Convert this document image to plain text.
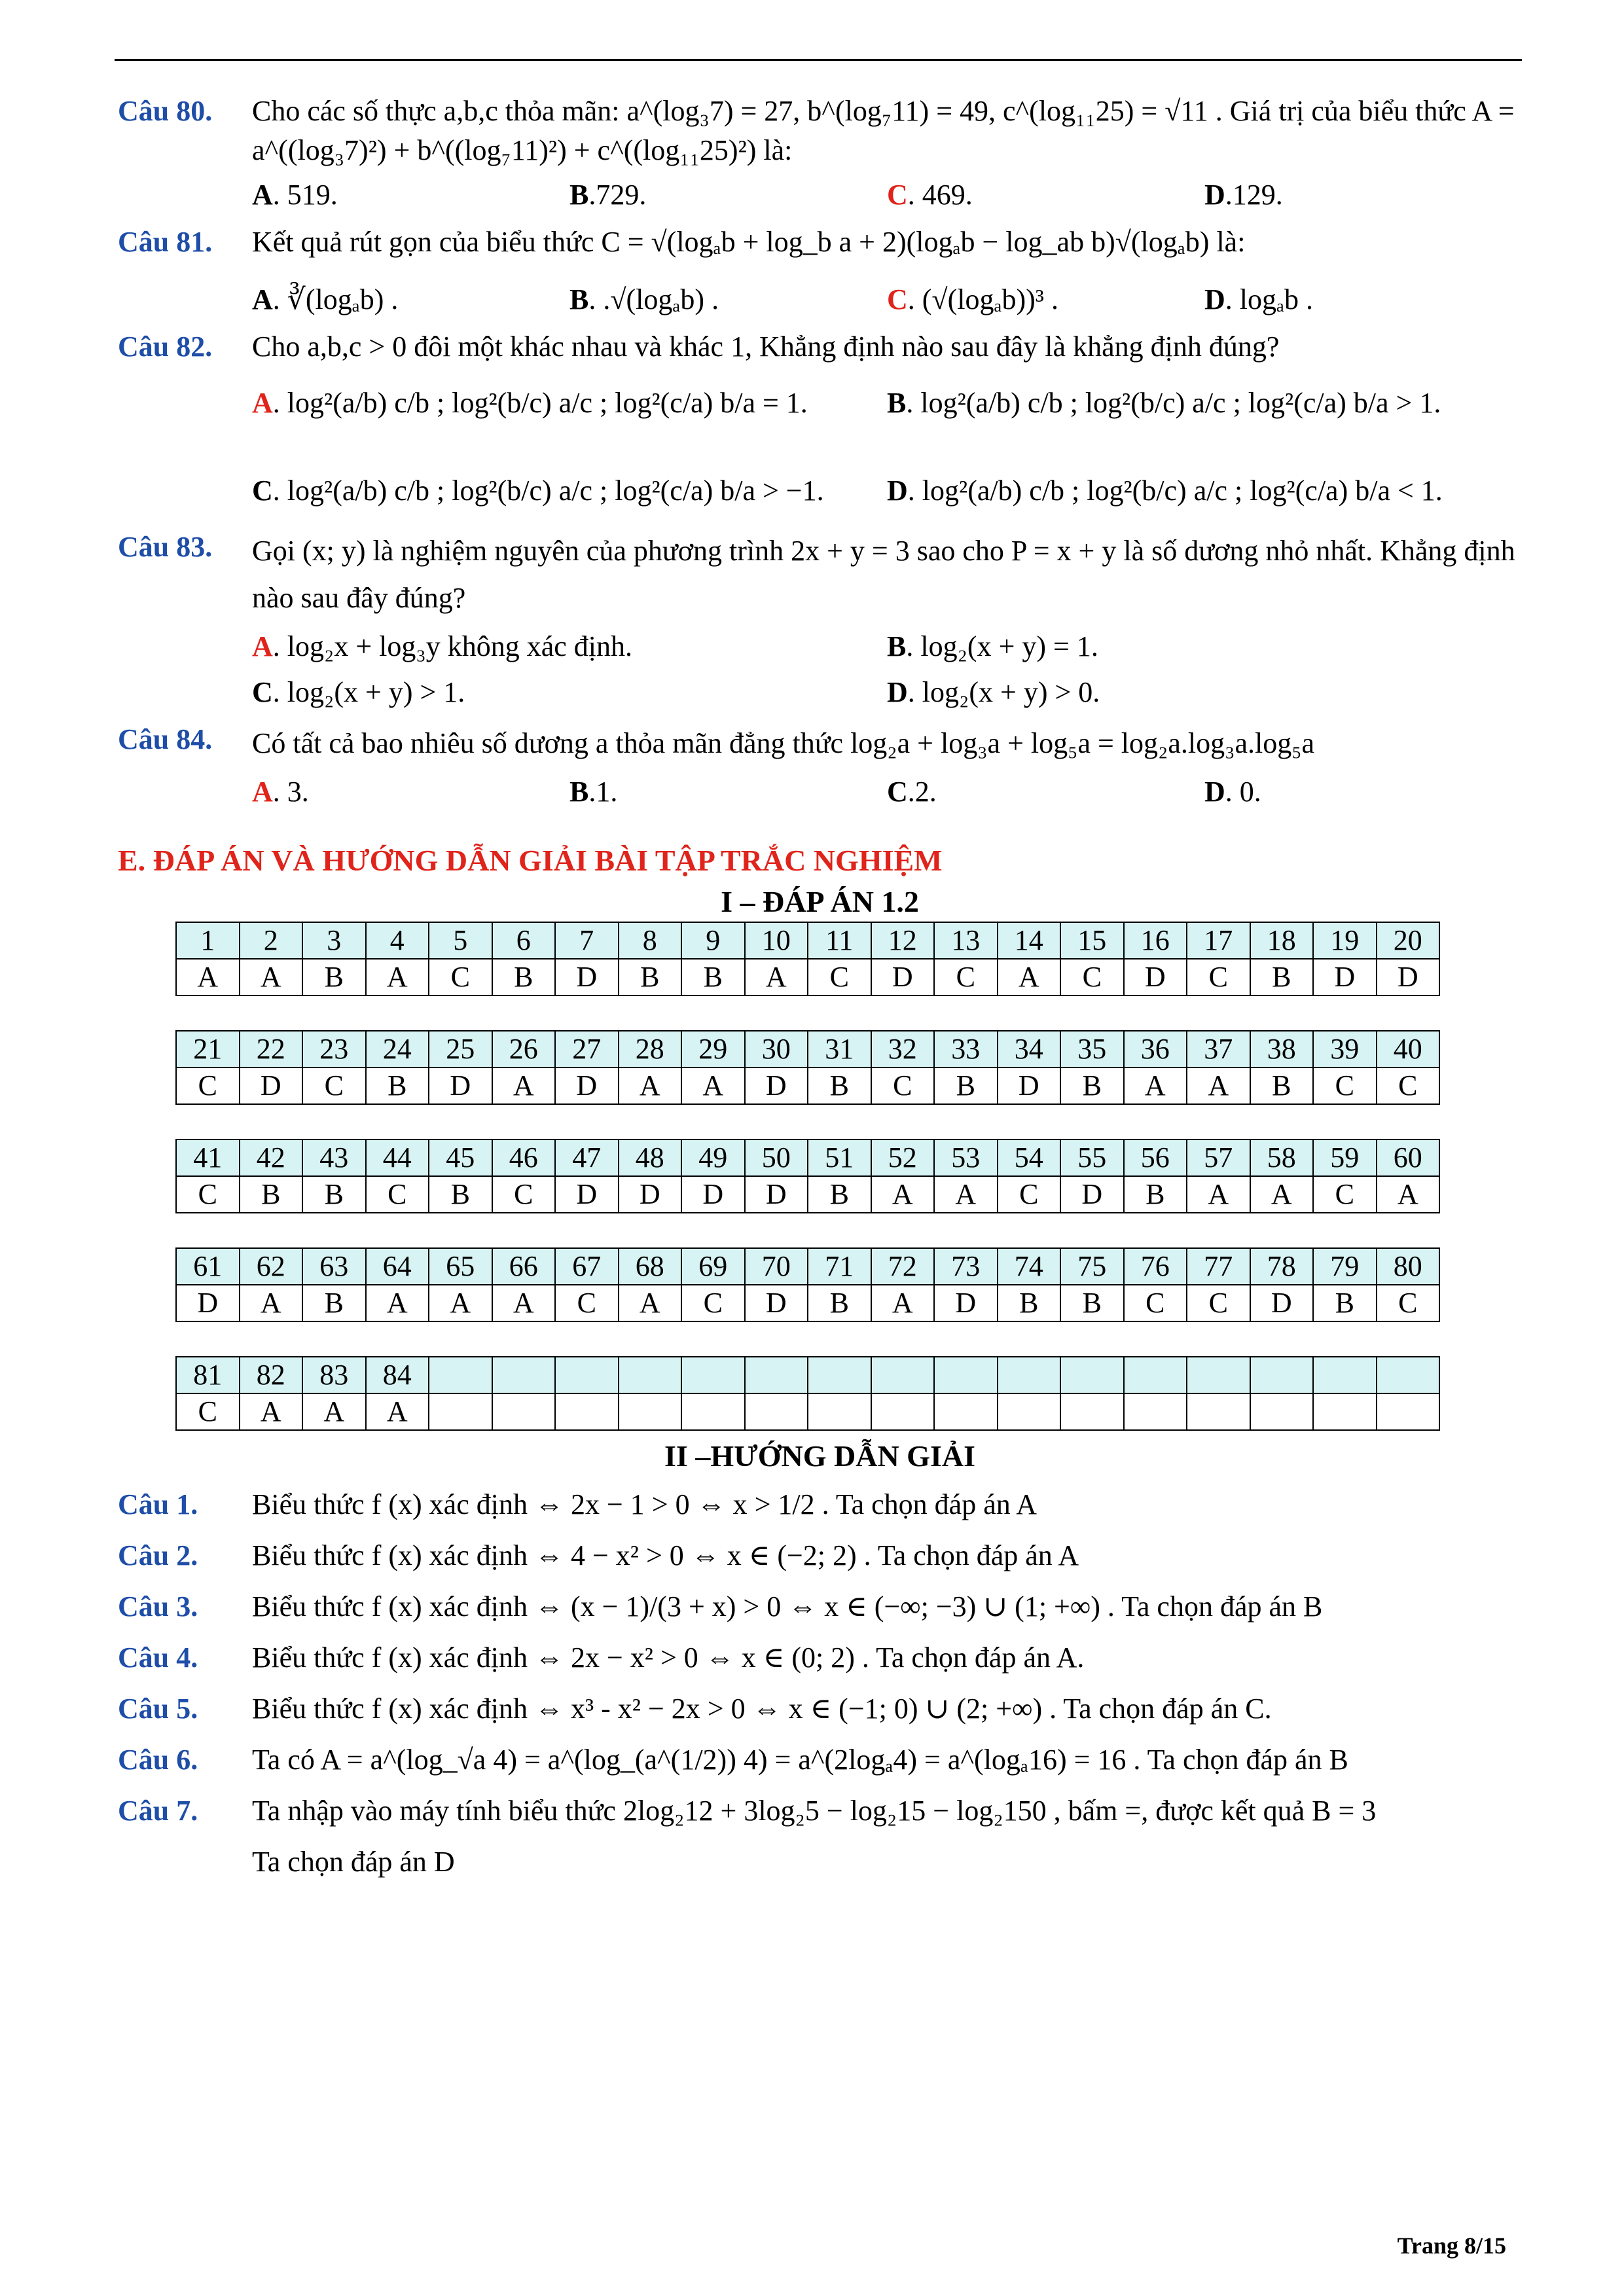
Câu 80. Cho các số thực a,b,c thỏa mãn: a^(log₃7) = 27, b^(log₇11) = 49, c^(log₁₁25) = √11 . Giá trị của biểu thức A = a^((log₃7)²) + b^((log₇11)²) + c^((log₁₁25)²) là:
A. 519.	B.729.	C. 469.	D.129.
Câu 81. Kết quả rút gọn của biểu thức C = √(logₐb + log_b a + 2)(logₐb − log_ab b)√(logₐb) là:
A. ∛(logₐb) .	B. .√(logₐb) .	C. (√(logₐb))³ .	D. logₐb .
Câu 82. Cho a,b,c > 0 đôi một khác nhau và khác 1, Khẳng định nào sau đây là khẳng định đúng?
A. log²(a/b) c/b ; log²(b/c) a/c ; log²(c/a) b/a = 1.	B. log²(a/b) c/b ; log²(b/c) a/c ; log²(c/a) b/a > 1.
C. log²(a/b) c/b ; log²(b/c) a/c ; log²(c/a) b/a > −1.	D. log²(a/b) c/b ; log²(b/c) a/c ; log²(c/a) b/a < 1.
Câu 83. Gọi (x; y) là nghiệm nguyên của phương trình 2x + y = 3 sao cho P = x + y là số dương nhỏ nhất. Khẳng định nào sau đây đúng?
A. log₂x + log₃y không xác định.	B. log₂(x + y) = 1.
C. log₂(x + y) > 1.	D. log₂(x + y) > 0.
Câu 84. Có tất cả bao nhiêu số dương a thỏa mãn đẳng thức log₂a + log₃a + log₅a = log₂a.log₃a.log₅a
A. 3.	B.1.	C.2.	D. 0.
E. ĐÁP ÁN VÀ HƯỚNG DẪN GIẢI BÀI TẬP TRẮC NGHIỆM
I – ĐÁP ÁN 1.2
1	2	3	4	5	6	7	8	9	10	11	12	13	14	15	16	17	18	19	20
A	A	B	A	C	B	D	B	B	A	C	D	C	A	C	D	C	B	D	D
21	22	23	24	25	26	27	28	29	30	31	32	33	34	35	36	37	38	39	40
C	D	C	B	D	A	D	A	A	D	B	C	B	D	B	A	A	B	C	C
41	42	43	44	45	46	47	48	49	50	51	52	53	54	55	56	57	58	59	60
C	B	B	C	B	C	D	D	D	D	B	A	A	C	D	B	A	A	C	A
61	62	63	64	65	66	67	68	69	70	71	72	73	74	75	76	77	78	79	80
D	A	B	A	A	A	C	A	C	D	B	A	D	B	B	C	C	D	B	C
81	82	83	84																
C	A	A	A																
II –HƯỚNG DẪN GIẢI
Câu 1. Biểu thức f (x) xác định ⇔ 2x − 1 > 0 ⇔ x > 1/2 . Ta chọn đáp án A
Câu 2. Biểu thức f (x) xác định ⇔ 4 − x² > 0 ⇔ x ∈ (−2; 2) . Ta chọn đáp án A
Câu 3. Biểu thức f (x) xác định ⇔ (x − 1)/(3 + x) > 0 ⇔ x ∈ (−∞; −3) ∪ (1; +∞) . Ta chọn đáp án B
Câu 4. Biểu thức f (x) xác định ⇔ 2x − x² > 0 ⇔ x ∈ (0; 2) . Ta chọn đáp án A.
Câu 5. Biểu thức f (x) xác định ⇔ x³ - x² − 2x > 0 ⇔ x ∈ (−1; 0) ∪ (2; +∞) . Ta chọn đáp án C.
Câu 6. Ta có A = a^(log_√a 4) = a^(log_(a^(1/2)) 4) = a^(2logₐ4) = a^(logₐ16) = 16 . Ta chọn đáp án B
Câu 7. Ta nhập vào máy tính biểu thức 2log₂12 + 3log₂5 − log₂15 − log₂150 , bấm =, được kết quả B = 3
Ta chọn đáp án D
Trang 8/15
